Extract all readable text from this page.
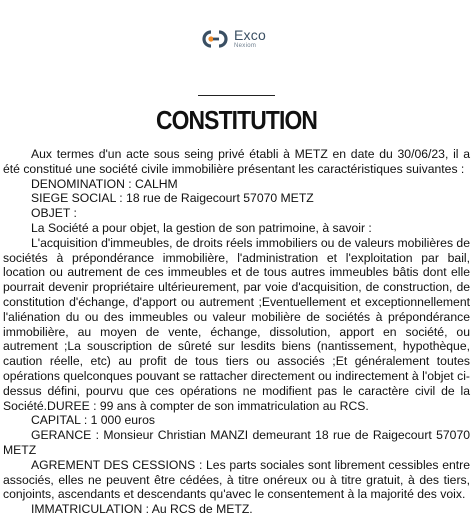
Exco
Nexiom
CONSTITUTION

Aux termes d'un acte sous seing privé établi à METZ en date du 30/06/23, il a été constitué une société civile immobilière présentant les caractéristiques suivantes :

DENOMINATION : CALHM

SIEGE SOCIAL : 18 rue de Raigecourt 57070 METZ

OBJET :

La Société a pour objet, la gestion de son patrimoine, à savoir :

L'acquisition d'immeubles, de droits réels immobiliers ou de valeurs mobilières de sociétés à prépondérance immobilière, l'administration et l'exploitation par bail, location ou autrement de ces immeubles et de tous autres immeubles bâtis dont elle pourrait devenir propriétaire ultérieurement, par voie d'acquisition, de construction, de constitution d'échange, d'apport ou autrement ;Eventuellement et exceptionnellement l'aliénation du ou des immeubles ou valeur mobilière de sociétés à prépondérance immobilière, au moyen de vente, échange, dissolution, apport en société, ou autrement ;La souscription de sûreté sur lesdits biens (nantissement, hypothèque, caution réelle, etc) au profit de tous tiers ou associés ;Et généralement toutes opérations quelconques pouvant se rattacher directement ou indirectement à l'objet ci-dessus défini, pourvu que ces opérations ne modifient pas le caractère civil de la Société.DUREE : 99 ans à compter de son immatriculation au RCS.

CAPITAL : 1 000 euros

GERANCE : Monsieur Christian MANZI demeurant 18 rue de Raigecourt 57070 METZ

AGREMENT DES CESSIONS : Les parts sociales sont librement cessibles entre associés, elles ne peuvent être cédées, à titre onéreux ou à titre gratuit, à des tiers, conjoints, ascendants et descendants qu'avec le consentement à la majorité des voix.

IMMATRICULATION : Au RCS de METZ.
